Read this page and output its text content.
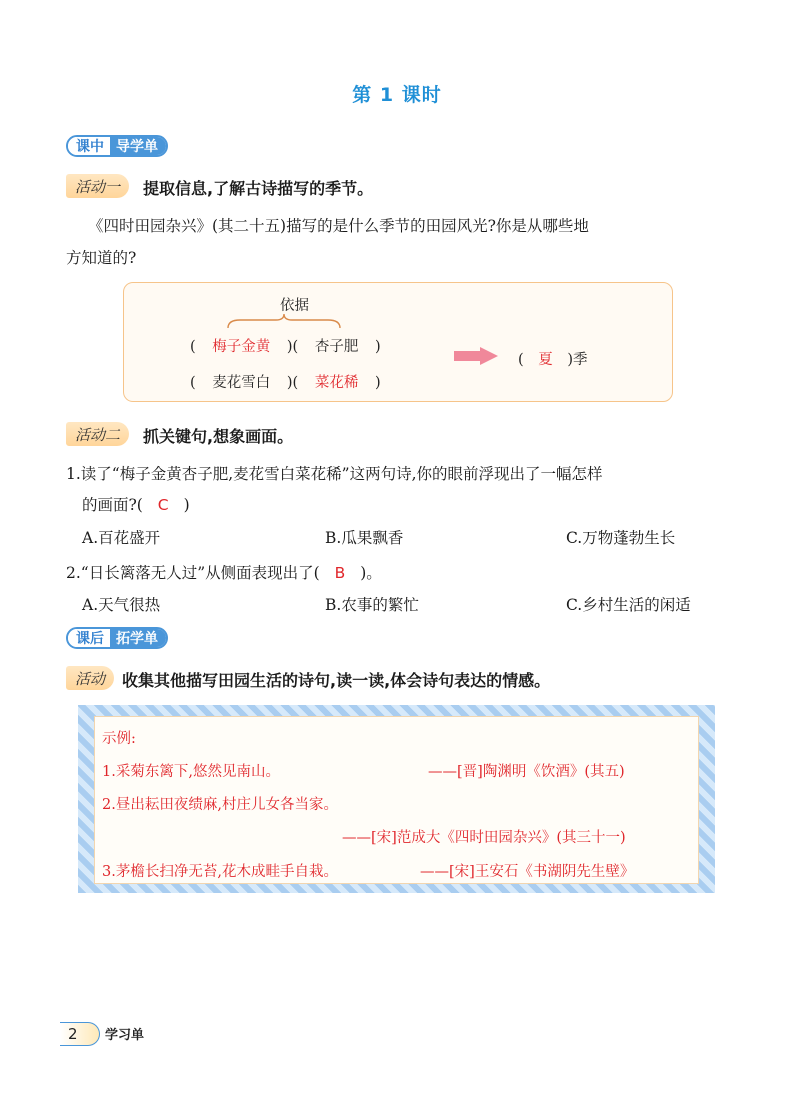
第 1 课时
课中 导学单
活动一	提取信息,了解古诗描写的季节。
《四时田园杂兴》(其二十五)描写的是什么季节的田园风光?你是从哪些地
方知道的?
依据
( 梅子金黄 )( 杏子肥 )
( 麦花雪白 )( 菜花稀 )
( 夏 )季
活动二	抓关键句,想象画面。
1.读了“梅子金黄杏子肥,麦花雪白菜花稀”这两句诗,你的眼前浮现出了一幅怎样
的画面?( C )
A.百花盛开	B.瓜果飘香	C.万物蓬勃生长
2.“日长篱落无人过”从侧面表现出了( B )。
A.天气很热	B.农事的繁忙	C.乡村生活的闲适
课后 拓学单
活动	收集其他描写田园生活的诗句,读一读,体会诗句表达的情感。
示例:
1.采菊东篱下,悠然见南山。	——[晋]陶渊明《饮酒》(其五)
2.昼出耘田夜绩麻,村庄儿女各当家。
——[宋]范成大《四时田园杂兴》(其三十一)
3.茅檐长扫净无苔,花木成畦手自栽。	——[宋]王安石《书湖阴先生壁》
2	学习单
